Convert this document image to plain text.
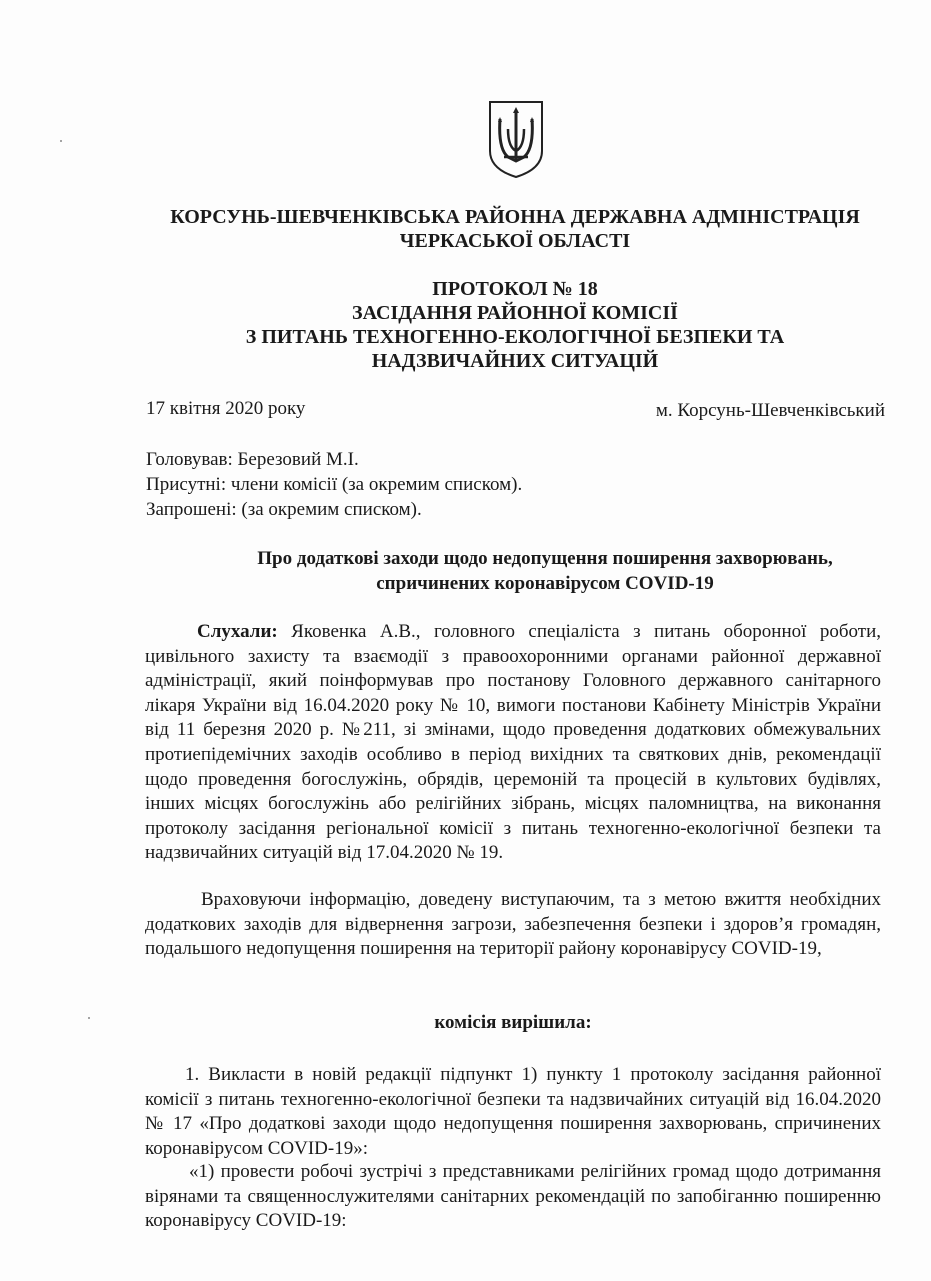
КОРСУНЬ-ШЕВЧЕНКІВСЬКА РАЙОННА ДЕРЖАВНА АДМІНІСТРАЦІЯ
ЧЕРКАСЬКОЇ ОБЛАСТІ
ПРОТОКОЛ № 18
ЗАСІДАННЯ РАЙОННОЇ КОМІСІЇ
З ПИТАНЬ ТЕХНОГЕННО-ЕКОЛОГІЧНОЇ БЕЗПЕКИ ТА
НАДЗВИЧАЙНИХ СИТУАЦІЙ
17 квітня 2020 року	м. Корсунь-Шевченківський
Головував: Березовий М.І.
Присутні: члени комісії (за окремим списком).
Запрошені: (за окремим списком).
Про додаткові заходи щодо недопущення поширення захворювань,
спричинених коронавірусом COVID-19

Слухали: Яковенка А.В., головного спеціаліста з питань оборонної роботи, цивільного захисту та взаємодії з правоохоронними органами районної державної адміністрації, який поінформував про постанову Головного державного санітарного лікаря України від 16.04.2020 року № 10, вимоги постанови Кабінету Міністрів України від 11 березня 2020 р. №211, зі змінами, щодо проведення додаткових обмежувальних протиепідемічних заходів особливо в період вихідних та святкових днів, рекомендації щодо проведення богослужінь, обрядів, церемоній та процесій в культових будівлях, інших місцях богослужінь або релігійних зібрань, місцях паломництва, на виконання протоколу засідання регіональної комісії з питань техногенно-екологічної безпеки та надзвичайних ситуацій від 17.04.2020 № 19.

Враховуючи інформацію, доведену виступаючим, та з метою вжиття необхідних додаткових заходів для відвернення загрози, забезпечення безпеки і здоров’я громадян, подальшого недопущення поширення на території району коронавірусу COVID-19,

комісія вирішила:

1. Викласти в новій редакції підпункт 1) пункту 1 протоколу засідання районної комісії з питань техногенно-екологічної безпеки та надзвичайних ситуацій від 16.04.2020 № 17 «Про додаткові заходи щодо недопущення поширення захворювань, спричинених коронавірусом COVID-19»:

«1) провести робочі зустрічі з представниками релігійних громад щодо дотримання вірянами та священнослужителями санітарних рекомендацій по запобіганню поширенню коронавірусу COVID-19:
